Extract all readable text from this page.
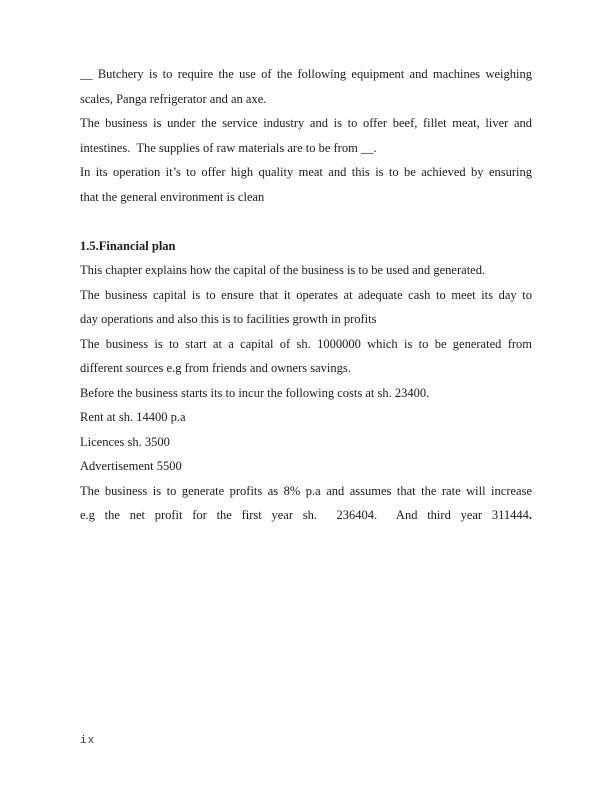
__ Butchery is to require the use of the following equipment and machines weighing
scales, Panga refrigerator and an axe.
The business is under the service industry and is to offer beef, fillet meat, liver and
intestines.  The supplies of raw materials are to be from __.
In its operation it’s to offer high quality meat and this is to be achieved by ensuring
that the general environment is clean
1.5.Financial plan
This chapter explains how the capital of the business is to be used and generated.
The business capital is to ensure that it operates at adequate cash to meet its day to
day operations and also this is to facilities growth in profits
The business is to start at a capital of sh. 1000000 which is to be generated from
different sources e.g from friends and owners savings.
Before the business starts its to incur the following costs at sh. 23400.
Rent at sh. 14400 p.a
Licences sh. 3500
Advertisement 5500
The business is to generate profits as 8% p.a and assumes that the rate will increase
e.g the net profit for the first year sh.  236404.  And third year 311444.
ix
